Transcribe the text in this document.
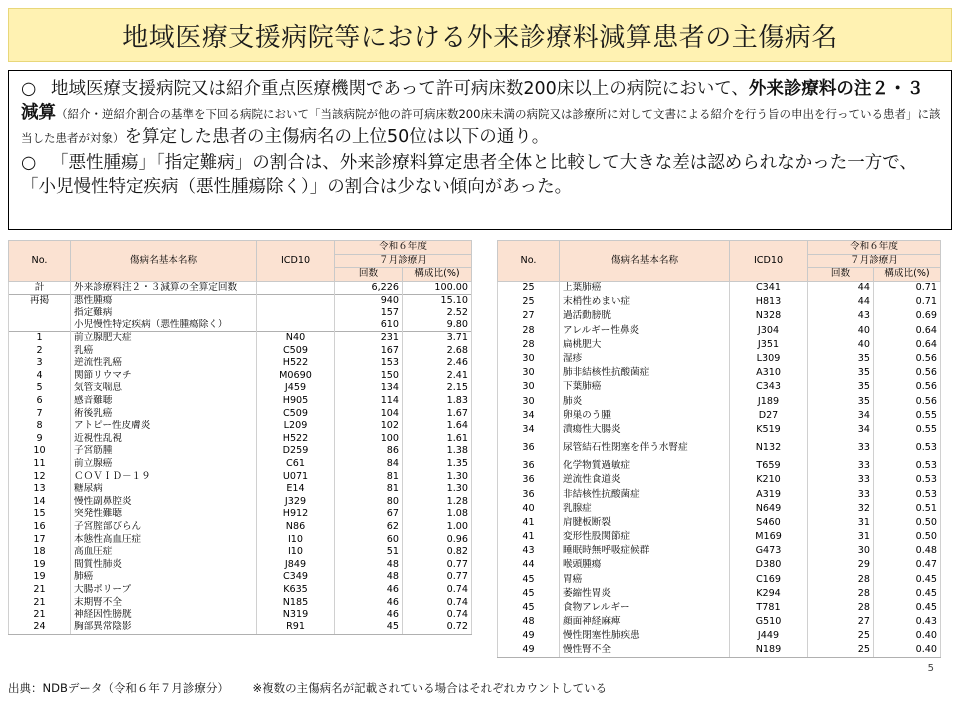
地域医療支援病院等における外来診療料減算患者の主傷病名

○ 地域医療支援病院又は紹介重点医療機関であって許可病床数200床以上の病院において、外来診療料の注２・３減算（紹介・逆紹介割合の基準を下回る病院において「当該病院が他の許可病床数200床未満の病院又は診療所に対して文書による紹介を行う旨の申出を行っている患者」に該当した患者が対象）を算定した患者の主傷病名の上位50位は以下の通り。

○ 「悪性腫瘍」「指定難病」の割合は、外来診療料算定患者全体と比較して大きな差は認められなかった一方で、「小児慢性特定疾病（悪性腫瘍除く）」の割合は少ない傾向があった。

No.	傷病名基本名称	ICD10	令和６年度	
			７月診療月	
			回数	構成比(%)
計	外来診療料注２・３減算の全算定回数		6,226	100.00
再掲	悪性腫瘍		940	15.10
	指定難病		157	2.52
	小児慢性特定疾病（悪性腫瘍除く）		610	9.80
1	前立腺肥大症	N40	231	3.71
2	乳癌	C509	167	2.68
3	逆流性乳癌	H522	153	2.46
4	関節リウマチ	M0690	150	2.41
5	気管支喘息	J459	134	2.15
6	感音難聴	H905	114	1.83
7	術後乳癌	C509	104	1.67
8	アトピー性皮膚炎	L209	102	1.64
9	近視性乱視	H522	100	1.61
10	子宮筋腫	D259	86	1.38
11	前立腺癌	C61	84	1.35
12	ＣＯＶＩＤ－１９	U071	81	1.30
13	糖尿病	E14	81	1.30
14	慢性副鼻腔炎	J329	80	1.28
15	突発性難聴	H912	67	1.08
16	子宮腟部びらん	N86	62	1.00
17	本態性高血圧症	I10	60	0.96
18	高血圧症	I10	51	0.82
19	間質性肺炎	J849	48	0.77
19	肺癌	C349	48	0.77
21	大腸ポリープ	K635	46	0.74
21	末期腎不全	N185	46	0.74
21	神経因性膀胱	N319	46	0.74
24	胸部異常陰影	R91	45	0.72
No.	傷病名基本名称	ICD10	令和６年度	
			７月診療月	
			回数	構成比(%)
25	上葉肺癌	C341	44	0.71
25	末梢性めまい症	H813	44	0.71
27	過活動膀胱	N328	43	0.69
28	アレルギー性鼻炎	J304	40	0.64
28	扁桃肥大	J351	40	0.64
30	湿疹	L309	35	0.56
30	肺非結核性抗酸菌症	A310	35	0.56
30	下葉肺癌	C343	35	0.56
30	肺炎	J189	35	0.56
34	卵巣のう腫	D27	34	0.55
34	潰瘍性大腸炎	K519	34	0.55
36	尿管結石性閉塞を伴う水腎症	N132	33	0.53
36	化学物質過敏症	T659	33	0.53
36	逆流性食道炎	K210	33	0.53
36	非結核性抗酸菌症	A319	33	0.53
40	乳腺症	N649	32	0.51
41	肩腱板断裂	S460	31	0.50
41	変形性股関節症	M169	31	0.50
43	睡眠時無呼吸症候群	G473	30	0.48
44	喉頭腫瘍	D380	29	0.47
45	胃癌	C169	28	0.45
45	萎縮性胃炎	K294	28	0.45
45	食物アレルギー	T781	28	0.45
48	顔面神経麻痺	G510	27	0.43
49	慢性閉塞性肺疾患	J449	25	0.40
49	慢性腎不全	N189	25	0.40
出典：NDBデータ（令和６年７月診療分） ※複数の主傷病名が記載されている場合はそれぞれカウントしている
5
